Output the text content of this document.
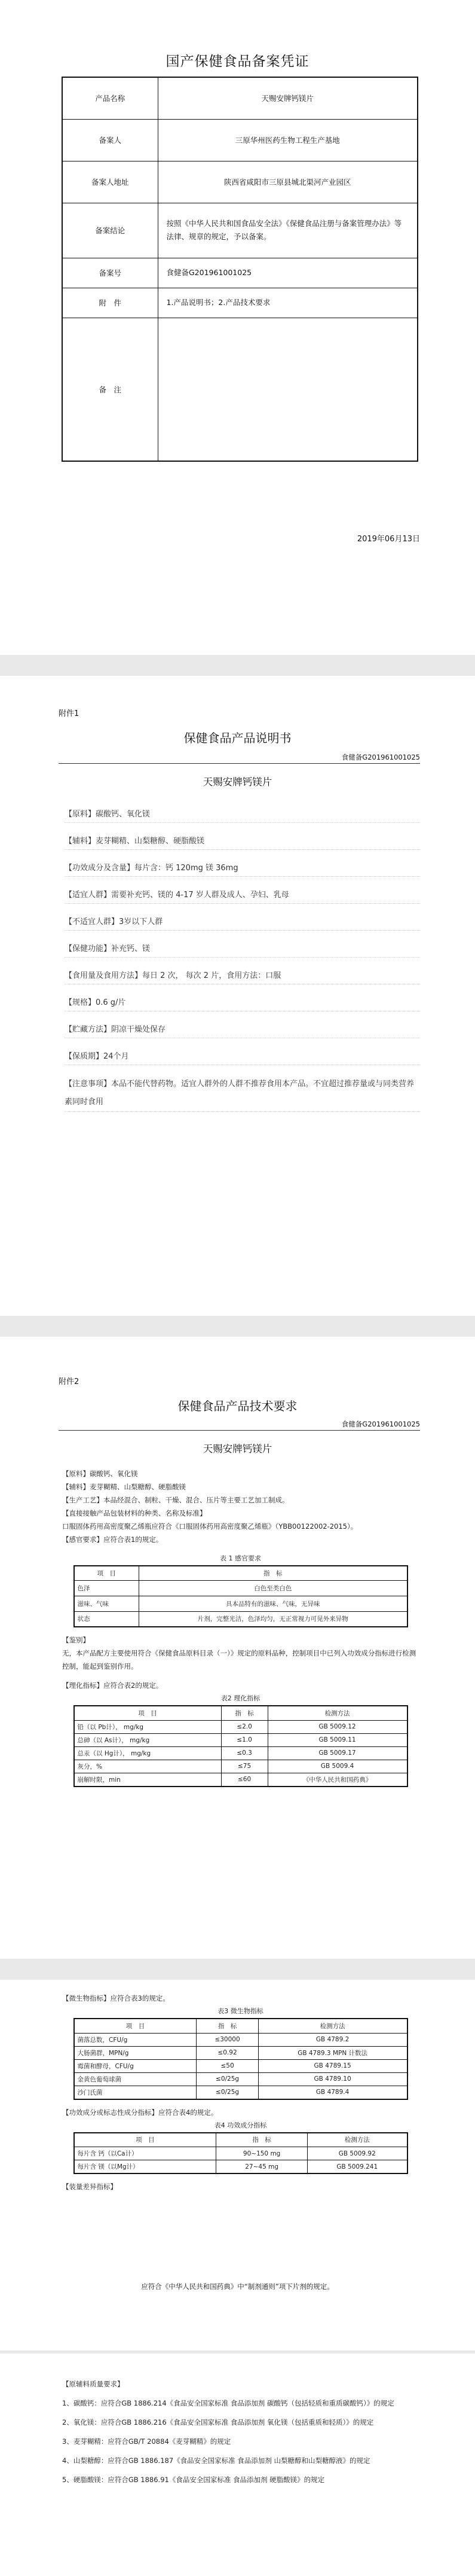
国产保健食品备案凭证
产品名称	天赐安牌钙镁片
备案人	三原华州医药生物工程生产基地
备案人地址	陕西省咸阳市三原县城北渠河产业园区
备案结论	按照《中华人民共和国食品安全法》《保健食品注册与备案管理办法》等法律、规章的规定，予以备案。
备案号	食健备G201961001025
附　件	1.产品说明书；2.产品技术要求
备　注	
2019年06月13日
附件1
保健食品产品说明书
食健备G201961001025
天赐安牌钙镁片
【原料】碳酸钙、氧化镁
【辅料】麦芽糊精、山梨糖醇、硬脂酸镁
【功效成分及含量】每片含：钙 120mg 镁 36mg
【适宜人群】需要补充钙、镁的 4-17 岁人群及成人、孕妇、乳母
【不适宜人群】3岁以下人群
【保健功能】补充钙、镁
【食用量及食用方法】每日 2 次， 每次 2 片，食用方法：口服
【规格】0.6 g/片
【贮藏方法】阴凉干燥处保存
【保质期】24个月
【注意事项】本品不能代替药物。适宜人群外的人群不推荐食用本产品。不宜超过推荐量或与同类营养素同时食用
附件2
保健食品产品技术要求
食健备G201961001025
天赐安牌钙镁片
【原料】碳酸钙、氧化镁
【辅料】麦芽糊精、山梨糖醇、硬脂酸镁
【生产工艺】本品经混合、制粒、干燥、混合、压片等主要工艺加工制成。
【直接接触产品包装材料的种类、名称及标准】
口服固体药用高密度聚乙烯瓶应符合《口服固体药用高密度聚乙烯瓶》（YBB00122002-2015）。
【感官要求】应符合表1的规定。
表 1 感官要求
项　目	指　标
色泽	白色至类白色
滋味、气味	具本品特有的滋味、气味，无异味
状态	片剂，完整光洁，色泽均匀，无正常视力可见外来异物
【鉴别】
无，本产品配方主要使用符合《保健食品原料目录（一）》规定的原料品种，控制项目中已列入功效成分指标进行检测控制，能起到鉴别作用。
【理化指标】应符合表2的规定。
表2 理化指标
项　目	指　标	检测方法
铅（以 Pb计）， mg/kg	≤2.0	GB 5009.12
总砷（以 As计）， mg/kg	≤1.0	GB 5009.11
总汞（以 Hg计）， mg/kg	≤0.3	GB 5009.17
灰分，%	≤75	GB 5009.4
崩解时限，min	≤60	《中华人民共和国药典》
【微生物指标】应符合表3的规定。
表3 微生物指标
项　目	指　标	检测方法
菌落总数，CFU/g	≤30000	GB 4789.2
大肠菌群，MPN/g	≤0.92	GB 4789.3 MPN 计数法
霉菌和酵母，CFU/g	≤50	GB 4789.15
金黄色葡萄球菌	≤0/25g	GB 4789.10
沙门氏菌	≤0/25g	GB 4789.4
【功效成分或标志性成分指标】应符合表4的规定。
表4 功效成分指标
项　目	指　标	检测方法
每片含 钙（以Ca计）	90~150 mg	GB 5009.92
每片含 镁（以Mg计）	27~45 mg	GB 5009.241
【装量差异指标】
应符合《中华人民共和国药典》中“制剂通则”项下片剂的规定。
【原辅料质量要求】
1、碳酸钙：应符合GB 1886.214《食品安全国家标准 食品添加剂 碳酸钙（包括轻质和重质碳酸钙）》的规定
2、氧化镁：应符合GB 1886.216《食品安全国家标准 食品添加剂 氧化镁（包括重质和轻质）》的规定
3、麦芽糊精：应符合GB/T 20884《麦芽糊精》的规定
4、山梨糖醇：应符合GB 1886.187《食品安全国家标准 食品添加剂 山梨糖醇和山梨糖醇液》的规定
5、硬脂酸镁：应符合GB 1886.91《食品安全国家标准 食品添加剂 硬脂酸镁》的规定
